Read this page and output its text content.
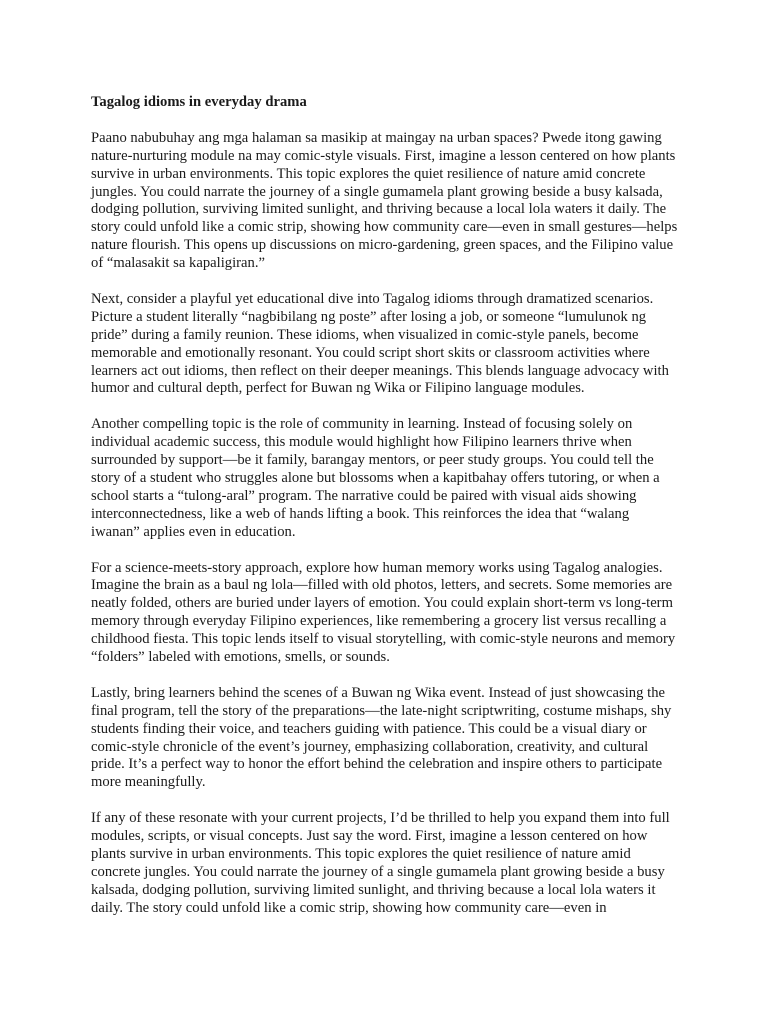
Tagalog idioms in everyday drama
Paano nabubuhay ang mga halaman sa masikip at maingay na urban spaces? Pwede itong gawing nature-nurturing module na may comic-style visuals. First, imagine a lesson centered on how plants survive in urban environments. This topic explores the quiet resilience of nature amid concrete jungles. You could narrate the journey of a single gumamela plant growing beside a busy kalsada, dodging pollution, surviving limited sunlight, and thriving because a local lola waters it daily. The story could unfold like a comic strip, showing how community care—even in small gestures—helps nature flourish. This opens up discussions on micro-gardening, green spaces, and the Filipino value of “malasakit sa kapaligiran.”
Next, consider a playful yet educational dive into Tagalog idioms through dramatized scenarios. Picture a student literally “nagbibilang ng poste” after losing a job, or someone “lumulunok ng pride” during a family reunion. These idioms, when visualized in comic-style panels, become memorable and emotionally resonant. You could script short skits or classroom activities where learners act out idioms, then reflect on their deeper meanings. This blends language advocacy with humor and cultural depth, perfect for Buwan ng Wika or Filipino language modules.
Another compelling topic is the role of community in learning. Instead of focusing solely on individual academic success, this module would highlight how Filipino learners thrive when surrounded by support—be it family, barangay mentors, or peer study groups. You could tell the story of a student who struggles alone but blossoms when a kapitbahay offers tutoring, or when a school starts a “tulong-aral” program. The narrative could be paired with visual aids showing interconnectedness, like a web of hands lifting a book. This reinforces the idea that “walang iwanan” applies even in education.
For a science-meets-story approach, explore how human memory works using Tagalog analogies. Imagine the brain as a baul ng lola—filled with old photos, letters, and secrets. Some memories are neatly folded, others are buried under layers of emotion. You could explain short-term vs long-term memory through everyday Filipino experiences, like remembering a grocery list versus recalling a childhood fiesta. This topic lends itself to visual storytelling, with comic-style neurons and memory “folders” labeled with emotions, smells, or sounds.
Lastly, bring learners behind the scenes of a Buwan ng Wika event. Instead of just showcasing the final program, tell the story of the preparations—the late-night scriptwriting, costume mishaps, shy students finding their voice, and teachers guiding with patience. This could be a visual diary or comic-style chronicle of the event’s journey, emphasizing collaboration, creativity, and cultural pride. It’s a perfect way to honor the effort behind the celebration and inspire others to participate more meaningfully.
If any of these resonate with your current projects, I’d be thrilled to help you expand them into full modules, scripts, or visual concepts. Just say the word. First, imagine a lesson centered on how plants survive in urban environments. This topic explores the quiet resilience of nature amid concrete jungles. You could narrate the journey of a single gumamela plant growing beside a busy kalsada, dodging pollution, surviving limited sunlight, and thriving because a local lola waters it daily. The story could unfold like a comic strip, showing how community care—even in
